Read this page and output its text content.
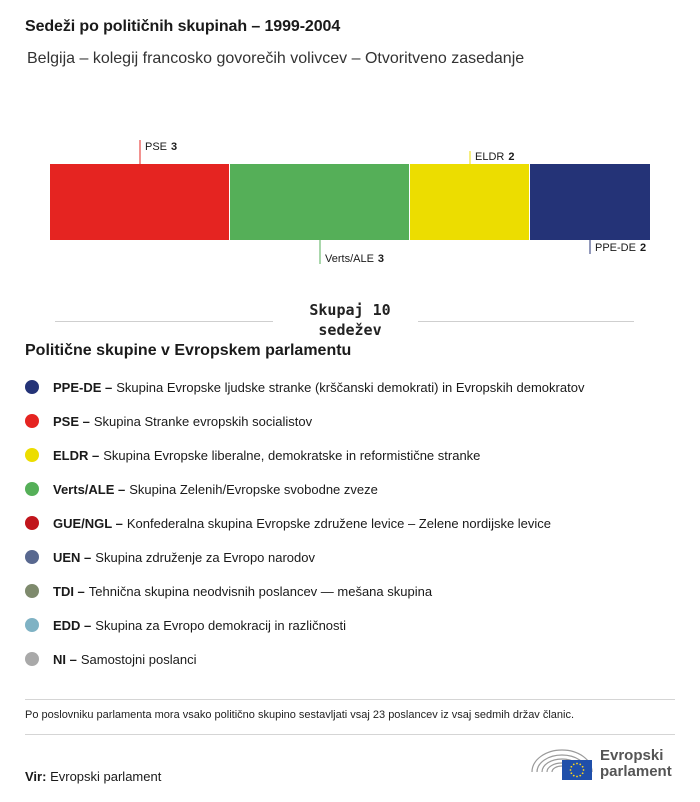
Sedeži po političnih skupinah – 1999-2004
Belgija – kolegij francosko govorečih volivcev – Otvoritveno zasedanje
PSE 3
Verts/ALE 3
ELDR 2
PPE-DE 2
Skupaj 10
sedežev
Politične skupine v Evropskem parlamentu
PPE-DE – Skupina Evropske ljudske stranke (krščanski demokrati) in Evropskih demokratov
PSE – Skupina Stranke evropskih socialistov
ELDR – Skupina Evropske liberalne, demokratske in reformistične stranke
Verts/ALE – Skupina Zelenih/Evropske svobodne zveze
GUE/NGL – Konfederalna skupina Evropske združene levice – Zelene nordijske levice
UEN – Skupina združenje za Evropo narodov
TDI – Tehnična skupina neodvisnih poslancev — mešana skupina
EDD – Skupina za Evropo demokracij in različnosti
NI – Samostojni poslanci
Po poslovniku parlamenta mora vsako politično skupino sestavljati vsaj 23 poslancev iz vsaj sedmih držav članic.
Vir: Evropski parlament
Evropski
parlament
